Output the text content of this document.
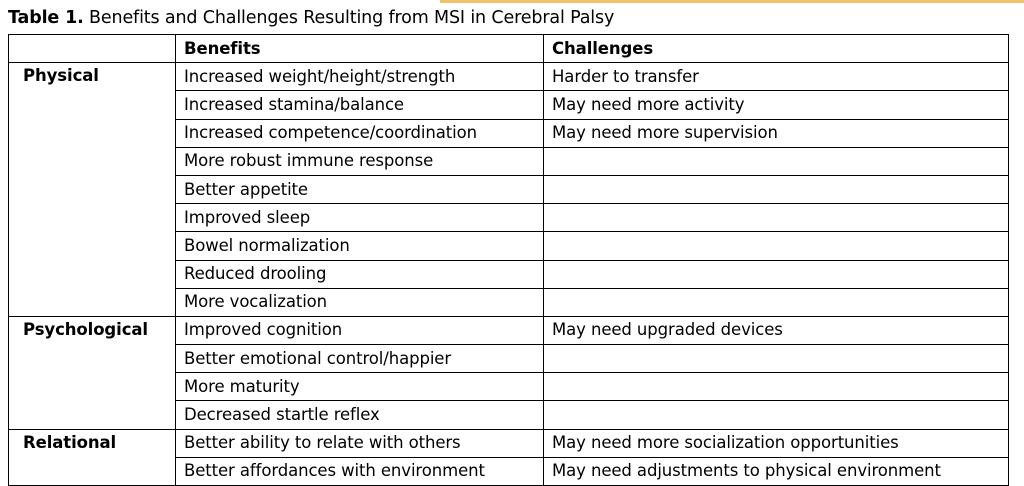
Table 1. Benefits and Challenges Resulting from MSI in Cerebral Palsy
	Benefits	Challenges
Physical	Increased weight/height/strength	Harder to transfer
	Increased stamina/balance	May need more activity
	Increased competence/coordination	May need more supervision
	More robust immune response	
	Better appetite	
	Improved sleep	
	Bowel normalization	
	Reduced drooling	
	More vocalization	
Psychological	Improved cognition	May need upgraded devices
	Better emotional control/happier	
	More maturity	
	Decreased startle reflex	
Relational	Better ability to relate with others	May need more socialization opportunities
	Better affordances with environment	May need adjustments to physical environment
